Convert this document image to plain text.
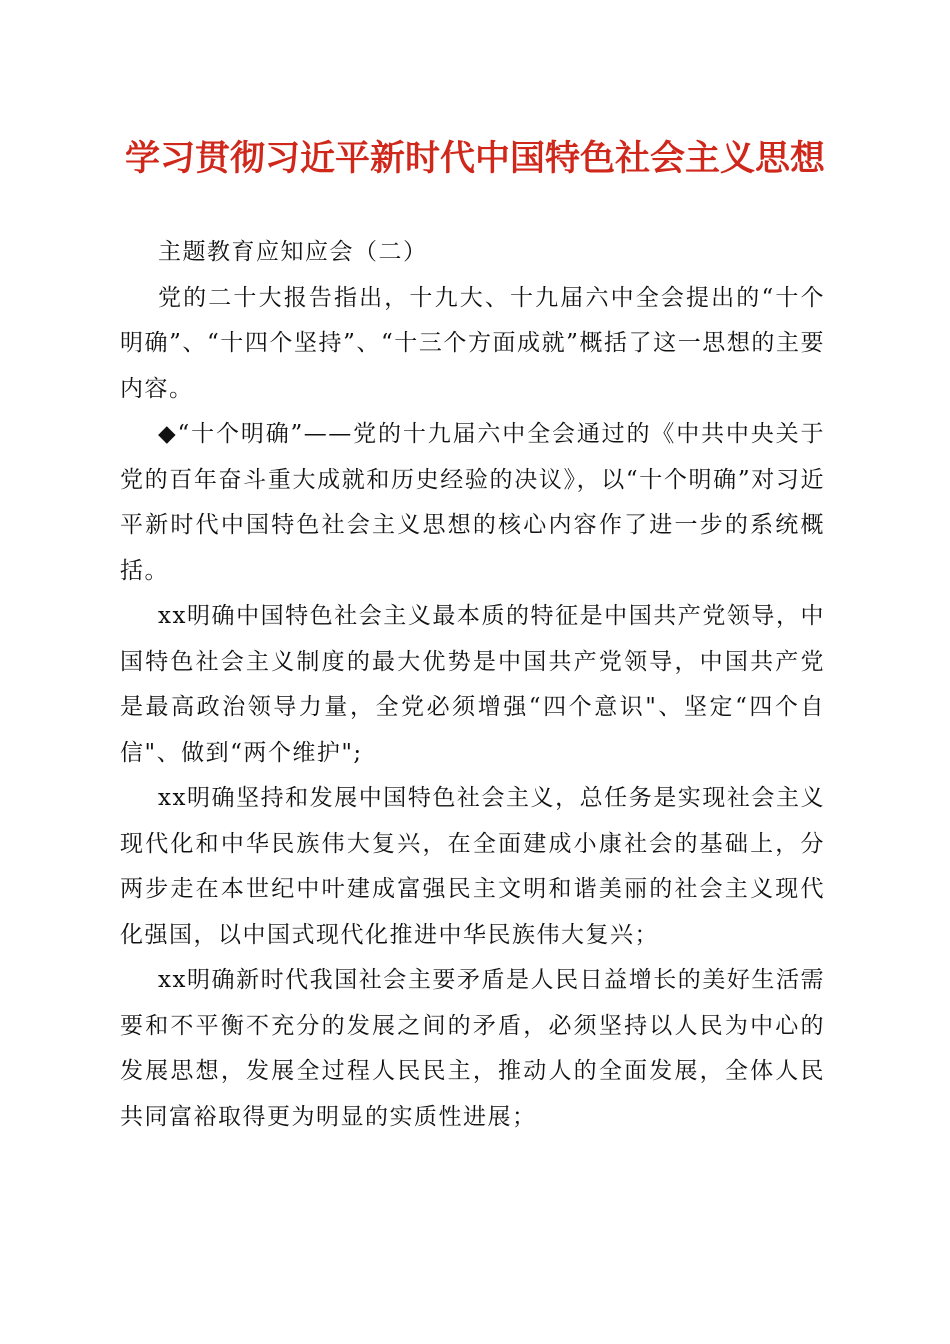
学习贯彻习近平新时代中国特色社会主义思想

主题教育应知应会（二）

党的二十大报告指出，十九大、十九届六中全会提出的“十个明确”、“十四个坚持”、“十三个方面成就”概括了这一思想的主要内容。

◆“十个明确”——党的十九届六中全会通过的《中共中央关于党的百年奋斗重大成就和历史经验的决议》，以“十个明确”对习近平新时代中国特色社会主义思想的核心内容作了进一步的系统概括。

xx明确中国特色社会主义最本质的特征是中国共产党领导，中国特色社会主义制度的最大优势是中国共产党领导，中国共产党是最高政治领导力量，全党必须增强“四个意识"、坚定“四个自信"、做到“两个维护";

xx明确坚持和发展中国特色社会主义，总任务是实现社会主义现代化和中华民族伟大复兴，在全面建成小康社会的基础上，分两步走在本世纪中叶建成富强民主文明和谐美丽的社会主义现代化强国，以中国式现代化推进中华民族伟大复兴；

xx明确新时代我国社会主要矛盾是人民日益增长的美好生活需要和不平衡不充分的发展之间的矛盾，必须坚持以人民为中心的发展思想，发展全过程人民民主，推动人的全面发展，全体人民共同富裕取得更为明显的实质性进展；
